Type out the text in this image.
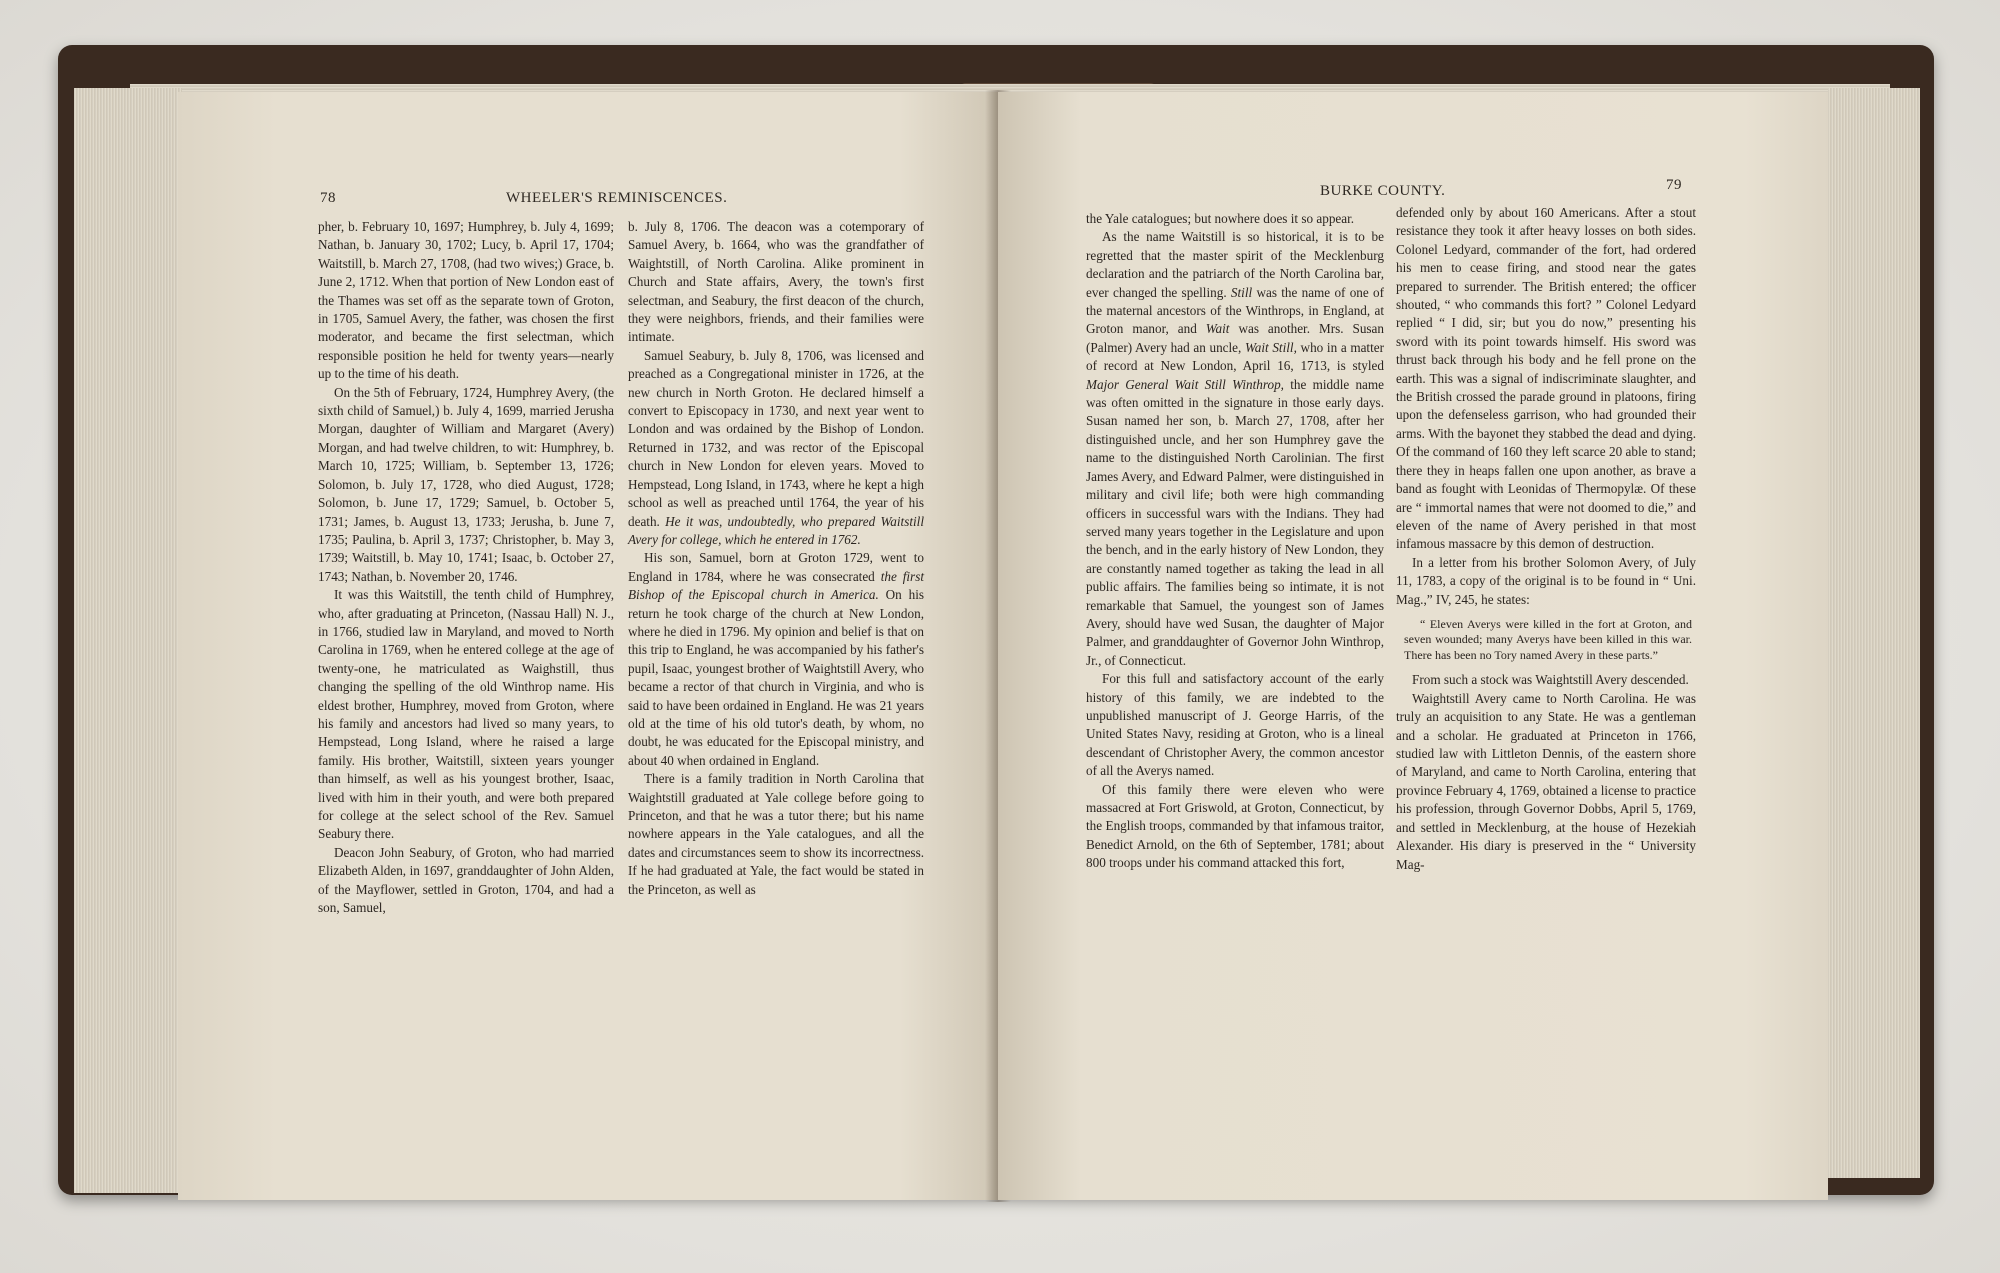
78	WHEELER'S REMINISCENCES.

pher, b. February 10, 1697; Humphrey, b. July 4, 1699; Nathan, b. January 30, 1702; Lucy, b. April 17, 1704; Waitstill, b. March 27, 1708, (had two wives;) Grace, b. June 2, 1712. When that portion of New London east of the Thames was set off as the separate town of Groton, in 1705, Samuel Avery, the father, was chosen the first moderator, and became the first selectman, which responsible position he held for twenty years—nearly up to the time of his death.

On the 5th of February, 1724, Humphrey Avery, (the sixth child of Samuel,) b. July 4, 1699, married Jerusha Morgan, daughter of William and Margaret (Avery) Morgan, and had twelve children, to wit: Humphrey, b. March 10, 1725; William, b. September 13, 1726; Solomon, b. July 17, 1728, who died August, 1728; Solomon, b. June 17, 1729; Samuel, b. October 5, 1731; James, b. August 13, 1733; Jerusha, b. June 7, 1735; Paulina, b. April 3, 1737; Christopher, b. May 3, 1739; Waitstill, b. May 10, 1741; Isaac, b. October 27, 1743; Nathan, b. November 20, 1746.

It was this Waitstill, the tenth child of Humphrey, who, after graduating at Princeton, (Nassau Hall) N. J., in 1766, studied law in Maryland, and moved to North Carolina in 1769, when he entered college at the age of twenty-one, he matriculated as Waighstill, thus changing the spelling of the old Winthrop name. His eldest brother, Humphrey, moved from Groton, where his family and ancestors had lived so many years, to Hempstead, Long Island, where he raised a large family. His brother, Waitstill, sixteen years younger than himself, as well as his youngest brother, Isaac, lived with him in their youth, and were both prepared for college at the select school of the Rev. Samuel Seabury there.

Deacon John Seabury, of Groton, who had married Elizabeth Alden, in 1697, granddaughter of John Alden, of the Mayflower, settled in Groton, 1704, and had a son, Samuel,

b. July 8, 1706. The deacon was a cotemporary of Samuel Avery, b. 1664, who was the grandfather of Waightstill, of North Carolina. Alike prominent in Church and State affairs, Avery, the town's first selectman, and Seabury, the first deacon of the church, they were neighbors, friends, and their families were intimate.

Samuel Seabury, b. July 8, 1706, was licensed and preached as a Congregational minister in 1726, at the new church in North Groton. He declared himself a convert to Episcopacy in 1730, and next year went to London and was ordained by the Bishop of London. Returned in 1732, and was rector of the Episcopal church in New London for eleven years. Moved to Hempstead, Long Island, in 1743, where he kept a high school as well as preached until 1764, the year of his death. He it was, undoubtedly, who prepared Waitstill Avery for college, which he entered in 1762.

His son, Samuel, born at Groton 1729, went to England in 1784, where he was consecrated the first Bishop of the Episcopal church in America. On his return he took charge of the church at New London, where he died in 1796. My opinion and belief is that on this trip to England, he was accompanied by his father's pupil, Isaac, youngest brother of Waightstill Avery, who became a rector of that church in Virginia, and who is said to have been ordained in England. He was 21 years old at the time of his old tutor's death, by whom, no doubt, he was educated for the Episcopal ministry, and about 40 when ordained in England.

There is a family tradition in North Carolina that Waightstill graduated at Yale college before going to Princeton, and that he was a tutor there; but his name nowhere appears in the Yale catalogues, and all the dates and circumstances seem to show its incorrectness. If he had graduated at Yale, the fact would be stated in the Princeton, as well as

BURKE COUNTY.	79

the Yale catalogues; but nowhere does it so appear.

As the name Waitstill is so historical, it is to be regretted that the master spirit of the Mecklenburg declaration and the patriarch of the North Carolina bar, ever changed the spelling. Still was the name of one of the maternal ancestors of the Winthrops, in England, at Groton manor, and Wait was another. Mrs. Susan (Palmer) Avery had an uncle, Wait Still, who in a matter of record at New London, April 16, 1713, is styled Major General Wait Still Winthrop, the middle name was often omitted in the signature in those early days. Susan named her son, b. March 27, 1708, after her distinguished uncle, and her son Humphrey gave the name to the distinguished North Carolinian. The first James Avery, and Edward Palmer, were distinguished in military and civil life; both were high commanding officers in successful wars with the Indians. They had served many years together in the Legislature and upon the bench, and in the early history of New London, they are constantly named together as taking the lead in all public affairs. The families being so intimate, it is not remarkable that Samuel, the youngest son of James Avery, should have wed Susan, the daughter of Major Palmer, and granddaughter of Governor John Winthrop, Jr., of Connecticut.

For this full and satisfactory account of the early history of this family, we are indebted to the unpublished manuscript of J. George Harris, of the United States Navy, residing at Groton, who is a lineal descendant of Christopher Avery, the common ancestor of all the Averys named.

Of this family there were eleven who were massacred at Fort Griswold, at Groton, Connecticut, by the English troops, commanded by that infamous traitor, Benedict Arnold, on the 6th of September, 1781; about 800 troops under his command attacked this fort,

defended only by about 160 Americans. After a stout resistance they took it after heavy losses on both sides. Colonel Ledyard, commander of the fort, had ordered his men to cease firing, and stood near the gates prepared to surrender. The British entered; the officer shouted, “ who commands this fort? ” Colonel Ledyard replied “ I did, sir; but you do now,” presenting his sword with its point towards himself. His sword was thrust back through his body and he fell prone on the earth. This was a signal of indiscriminate slaughter, and the British crossed the parade ground in platoons, firing upon the defenseless garrison, who had grounded their arms. With the bayonet they stabbed the dead and dying. Of the command of 160 they left scarce 20 able to stand; there they in heaps fallen one upon another, as brave a band as fought with Leonidas of Thermopylæ. Of these are “ immortal names that were not doomed to die,” and eleven of the name of Avery perished in that most infamous massacre by this demon of destruction.

In a letter from his brother Solomon Avery, of July 11, 1783, a copy of the original is to be found in “ Uni. Mag.,” IV, 245, he states:

“ Eleven Averys were killed in the fort at Groton, and seven wounded; many Averys have been killed in this war. There has been no Tory named Avery in these parts.”

From such a stock was Waightstill Avery descended.

Waightstill Avery came to North Carolina. He was truly an acquisition to any State. He was a gentleman and a scholar. He graduated at Princeton in 1766, studied law with Littleton Dennis, of the eastern shore of Maryland, and came to North Carolina, entering that province February 4, 1769, obtained a license to practice his profession, through Governor Dobbs, April 5, 1769, and settled in Mecklenburg, at the house of Hezekiah Alexander. His diary is preserved in the “ University Mag-
